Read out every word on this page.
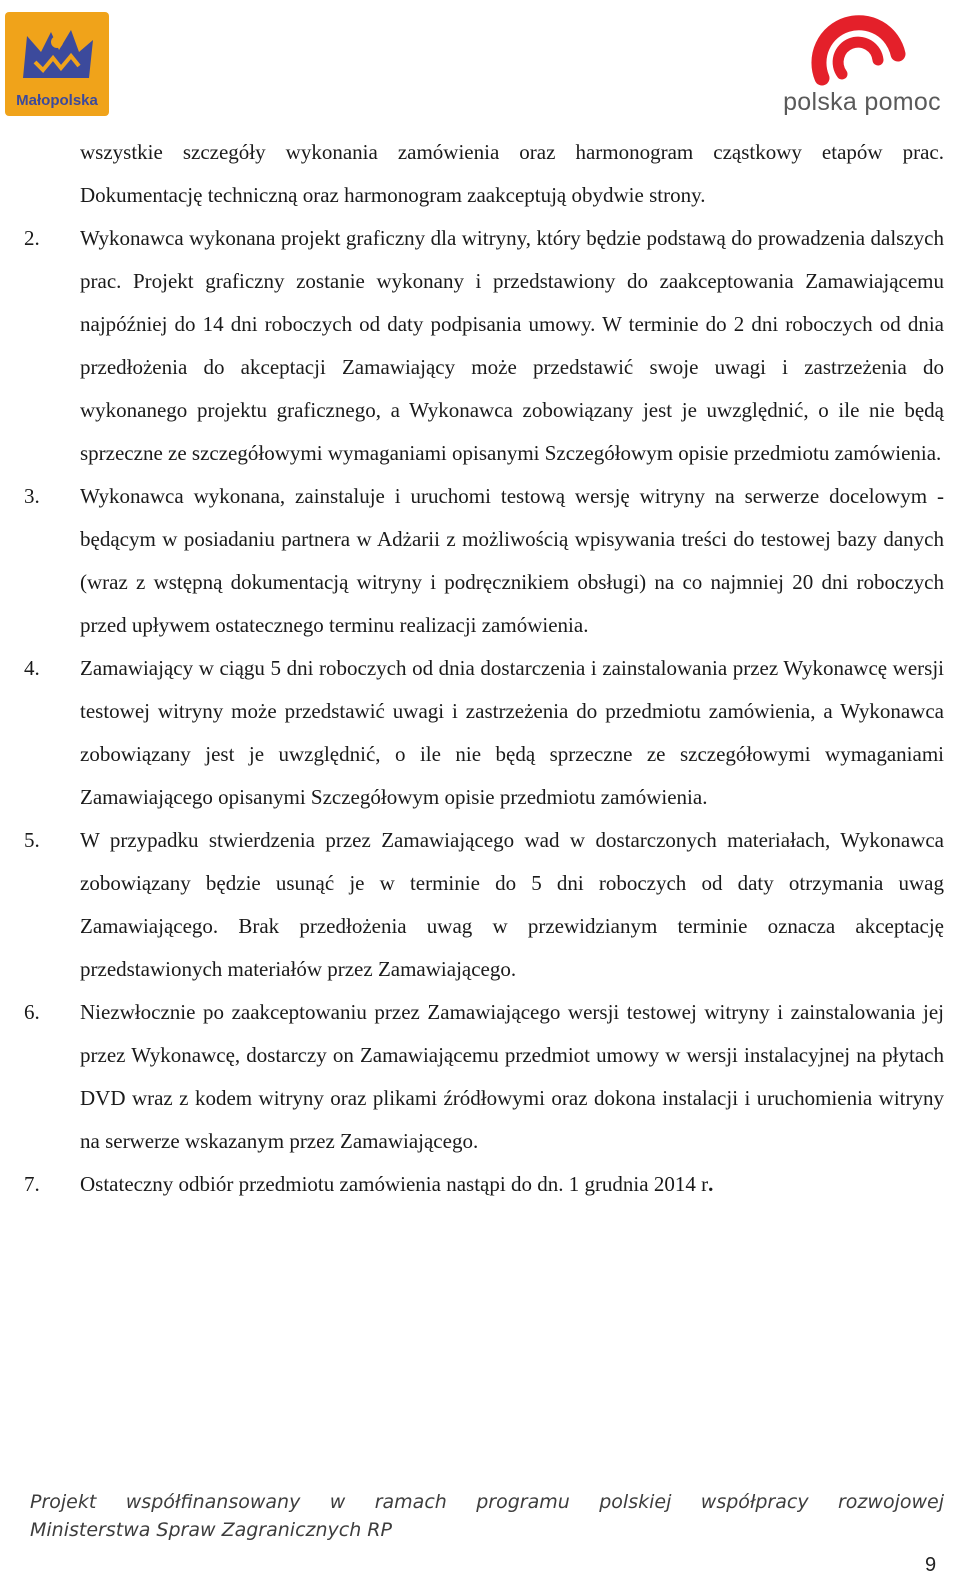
Małopolska	polska pomoc

wszystkie szczegóły wykonania zamówienia oraz harmonogram cząstkowy etapów prac. Dokumentację techniczną oraz harmonogram zaakceptują obydwie strony.

2. Wykonawca wykonana projekt graficzny dla witryny, który będzie podstawą do prowadzenia dalszych prac. Projekt graficzny zostanie wykonany i przedstawiony do zaakceptowania Zamawiającemu najpóźniej do 14 dni roboczych od daty podpisania umowy. W terminie do 2 dni roboczych od dnia przedłożenia do akceptacji Zamawiający może przedstawić swoje uwagi i zastrzeżenia do wykonanego projektu graficznego, a Wykonawca zobowiązany jest je uwzględnić, o ile nie będą sprzeczne ze szczegółowymi wymaganiami opisanymi Szczegółowym opisie przedmiotu zamówienia.

3. Wykonawca wykonana, zainstaluje i uruchomi testową wersję witryny na serwerze docelowym - będącym w posiadaniu partnera w Adżarii z możliwością wpisywania treści do testowej bazy danych (wraz z wstępną dokumentacją witryny i podręcznikiem obsługi) na co najmniej 20 dni roboczych przed upływem ostatecznego terminu realizacji zamówienia.

4. Zamawiający w ciągu 5 dni roboczych od dnia dostarczenia i zainstalowania przez Wykonawcę wersji testowej witryny może przedstawić uwagi i zastrzeżenia do przedmiotu zamówienia, a Wykonawca zobowiązany jest je uwzględnić, o ile nie będą sprzeczne ze szczegółowymi wymaganiami Zamawiającego opisanymi Szczegółowym opisie przedmiotu zamówienia.

5. W przypadku stwierdzenia przez Zamawiającego wad w dostarczonych materiałach, Wykonawca zobowiązany będzie usunąć je w terminie do 5 dni roboczych od daty otrzymania uwag Zamawiającego. Brak przedłożenia uwag w przewidzianym terminie oznacza akceptację przedstawionych materiałów przez Zamawiającego.

6. Niezwłocznie po zaakceptowaniu przez Zamawiającego wersji testowej witryny i zainstalowania jej przez Wykonawcę, dostarczy on Zamawiającemu przedmiot umowy w wersji instalacyjnej na płytach DVD wraz z kodem witryny oraz plikami źródłowymi oraz dokona instalacji i uruchomienia witryny na serwerze wskazanym przez Zamawiającego.

7. Ostateczny odbiór przedmiotu zamówienia nastąpi do dn. 1 grudnia 2014 r.

Projekt współfinansowany w ramach programu polskiej współpracy rozwojowej
Ministerstwa Spraw Zagranicznych RP
9
